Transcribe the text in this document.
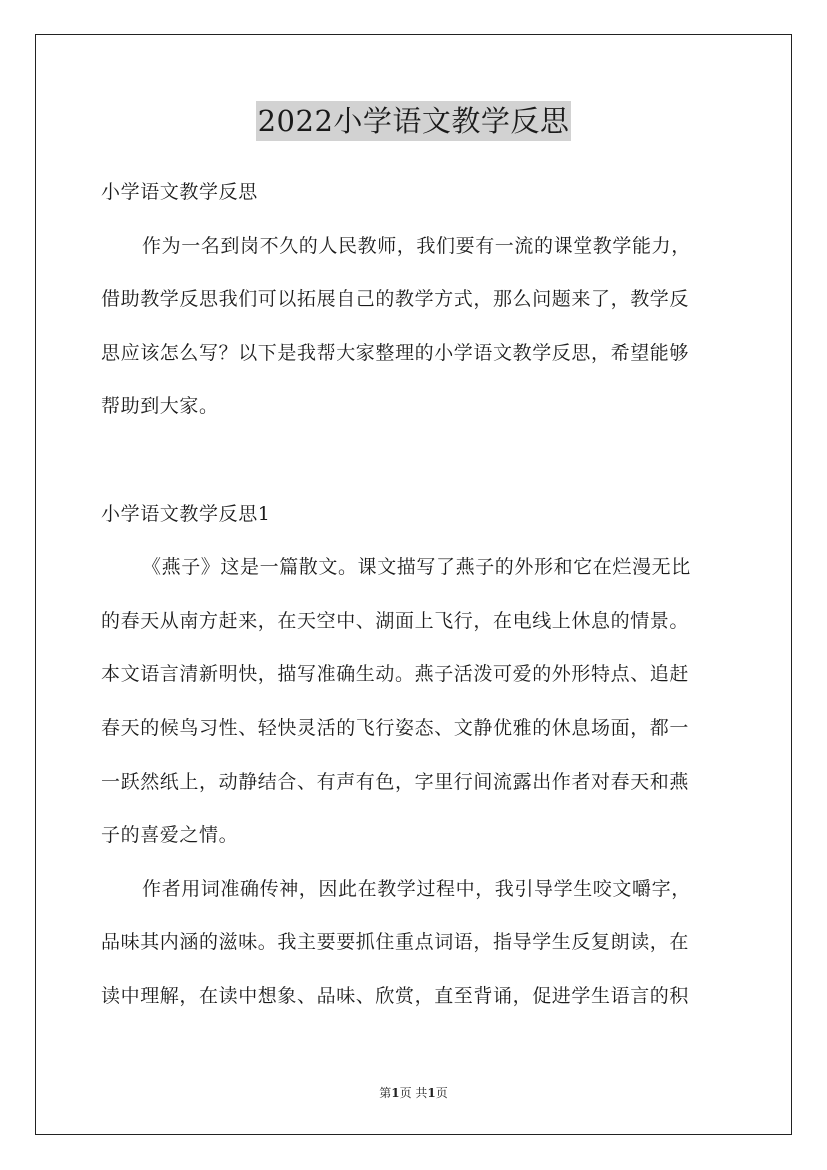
2022小学语文教学反思
小学语文教学反思
作为一名到岗不久的人民教师，我们要有一流的课堂教学能力，
借助教学反思我们可以拓展自己的教学方式，那么问题来了，教学反
思应该怎么写？以下是我帮大家整理的小学语文教学反思，希望能够
帮助到大家。
小学语文教学反思1
《燕子》这是一篇散文。课文描写了燕子的外形和它在烂漫无比
的春天从南方赶来，在天空中、湖面上飞行，在电线上休息的情景。
本文语言清新明快，描写准确生动。燕子活泼可爱的外形特点、追赶
春天的候鸟习性、轻快灵活的飞行姿态、文静优雅的休息场面，都一
一跃然纸上，动静结合、有声有色，字里行间流露出作者对春天和燕
子的喜爱之情。
作者用词准确传神，因此在教学过程中，我引导学生咬文嚼字，
品味其内涵的滋味。我主要要抓住重点词语，指导学生反复朗读，在
读中理解，在读中想象、品味、欣赏，直至背诵，促进学生语言的积
第1页 共1页
